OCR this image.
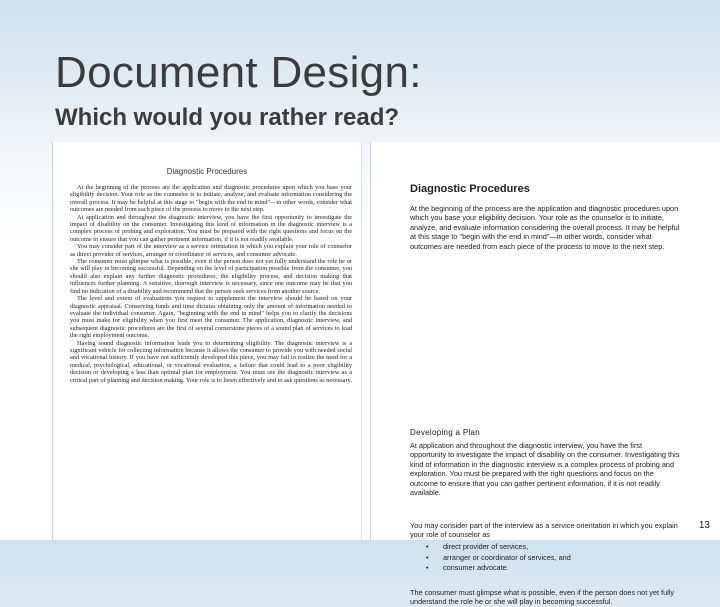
Document Design:
Which would you rather read?
Diagnostic Procedures

At the beginning of the process are the application and diagnostic procedures upon which you base your eligibility decision. Your role as the counselor is to initiate, analyze, and evaluate information considering the overall process. It may be helpful at this stage to "begin with the end in mind"—in other words, consider what outcomes are needed from each piece of the process to move to the next step.

At application and throughout the diagnostic interview, you have the first opportunity to investigate the impact of disability on the consumer. Investigating this kind of information in the diagnostic interview is a complex process of probing and exploration. You must be prepared with the right questions and focus on the outcome to ensure that you can gather pertinent information, if it is not readily available.

You may consider part of the interview as a service orientation in which you explain your role of counselor as direct provider of services, arranger or coordinator of services, and consumer advocate.

The consumer must glimpse what is possible, even if the person does not yet fully understand the role he or she will play in becoming successful. Depending on the level of participation possible from the consumer, you should also explain any further diagnostic procedures, the eligibility process, and decision making that influences further planning. A sensitive, thorough interview is necessary, since one outcome may be that you find no indication of a disability and recommend that the person seek services from another source.

The level and extent of evaluations you request to supplement the interview should be based on your diagnostic appraisal. Conserving funds and time dictates obtaining only the amount of information needed to evaluate the individual consumer. Again, "beginning with the end in mind" helps you to clarify the decisions you must make for eligibility when you first meet the consumer. The application, diagnostic interview, and subsequent diagnostic procedures are the first of several cornerstone pieces of a sound plan of services to lead the right employment outcome.

Having sound diagnostic information leads you to determining eligibility. The diagnostic interview is a significant vehicle for collecting information because it allows the consumer to provide you with needed social and vocational history. If you have not sufficiently developed this piece, you may fail to realize the need for a medical, psychological, educational, or vocational evaluation, a failure that could lead to a poor eligibility decision or developing a less than optimal plan for employment. You must see the diagnostic interview as a critical part of planning and decision making. Your role is to listen effectively and to ask questions as necessary.

Diagnostic Procedures

At the beginning of the process are the application and diagnostic procedures upon which you base your eligibility decision. Your role as the counselor is to initiate, analyze, and evaluate information considering the overall process. It may be helpful at this stage to "begin with the end in mind"—in other words, consider what outcomes are needed from each piece of the process to move to the next step.

Developing a Plan

At application and throughout the diagnostic interview, you have the first opportunity to investigate the impact of disability on the consumer. Investigating this kind of information in the diagnostic interview is a complex process of probing and exploration. You must be prepared with the right questions and focus on the outcome to ensure that you can gather pertinent information, if it is not readily available.

You may consider part of the interview as a service orientation in which you explain your role of counselor as

• direct provider of services,
• arranger or coordinator of services, and
• consumer advocate.

The consumer must glimpse what is possible, even if the person does not yet fully understand the role he or she will play in becoming successful.

13
